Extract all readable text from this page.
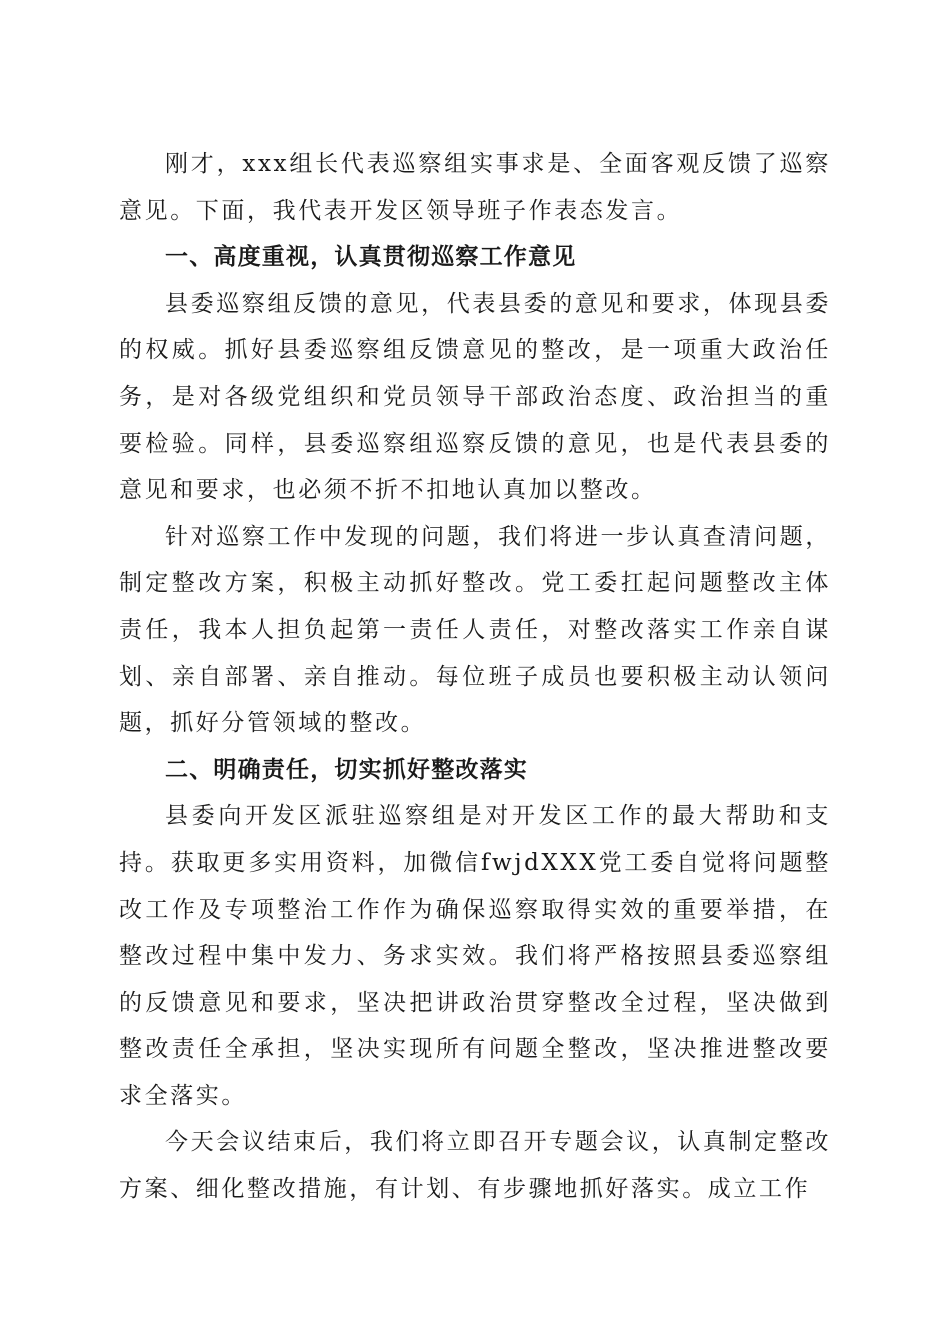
刚才，xxx组长代表巡察组实事求是、全面客观反馈了巡察意见。下面，我代表开发区领导班子作表态发言。

一、高度重视，认真贯彻巡察工作意见

县委巡察组反馈的意见，代表县委的意见和要求，体现县委的权威。抓好县委巡察组反馈意见的整改，是一项重大政治任务，是对各级党组织和党员领导干部政治态度、政治担当的重要检验。同样，县委巡察组巡察反馈的意见，也是代表县委的意见和要求，也必须不折不扣地认真加以整改。

针对巡察工作中发现的问题，我们将进一步认真查清问题，制定整改方案，积极主动抓好整改。党工委扛起问题整改主体责任，我本人担负起第一责任人责任，对整改落实工作亲自谋划、亲自部署、亲自推动。每位班子成员也要积极主动认领问题，抓好分管领域的整改。

二、明确责任，切实抓好整改落实

县委向开发区派驻巡察组是对开发区工作的最大帮助和支持。获取更多实用资料，加微信fwjdXXX党工委自觉将问题整改工作及专项整治工作作为确保巡察取得实效的重要举措，在整改过程中集中发力、务求实效。我们将严格按照县委巡察组的反馈意见和要求，坚决把讲政治贯穿整改全过程，坚决做到整改责任全承担，坚决实现所有问题全整改，坚决推进整改要求全落实。

今天会议结束后，我们将立即召开专题会议，认真制定整改方案、细化整改措施，有计划、有步骤地抓好落实。成立工作
